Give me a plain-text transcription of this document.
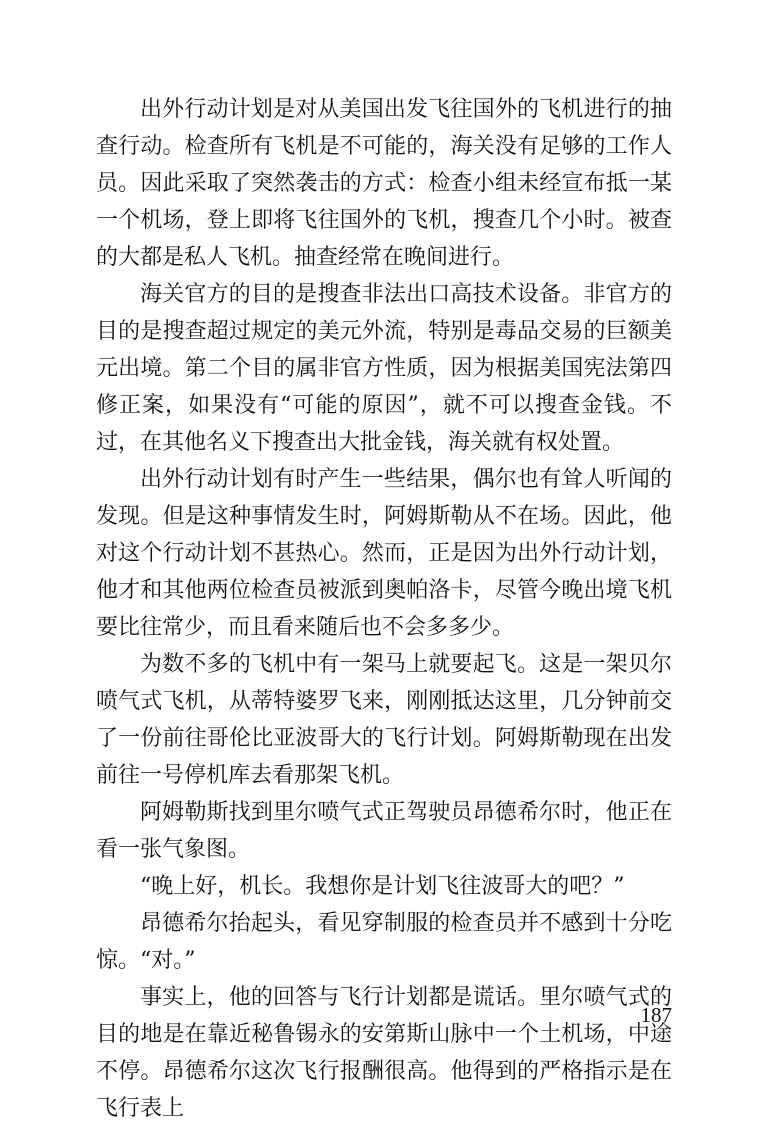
出外行动计划是对从美国出发飞往国外的飞机进行的抽查行动。检查所有飞机是不可能的，海关没有足够的工作人员。因此采取了突然袭击的方式：检查小组未经宣布抵一某一个机场，登上即将飞往国外的飞机，搜查几个小时。被查的大都是私人飞机。抽查经常在晚间进行。

海关官方的目的是搜查非法出口高技术设备。非官方的目的是搜查超过规定的美元外流，特别是毒品交易的巨额美元出境。第二个目的属非官方性质，因为根据美国宪法第四修正案，如果没有“可能的原因”，就不可以搜查金钱。不过，在其他名义下搜查出大批金钱，海关就有权处置。

出外行动计划有时产生一些结果，偶尔也有耸人听闻的发现。但是这种事情发生时，阿姆斯勒从不在场。因此，他对这个行动计划不甚热心。然而，正是因为出外行动计划，他才和其他两位检查员被派到奥帕洛卡，尽管今晚出境飞机要比往常少，而且看来随后也不会多多少。

为数不多的飞机中有一架马上就要起飞。这是一架贝尔喷气式飞机，从蒂特婆罗飞来，刚刚抵达这里，几分钟前交了一份前往哥伦比亚波哥大的飞行计划。阿姆斯勒现在出发前往一号停机库去看那架飞机。

阿姆勒斯找到里尔喷气式正驾驶员昂德希尔时，他正在看一张气象图。

“晚上好，机长。我想你是计划飞往波哥大的吧？”

昂德希尔抬起头，看见穿制服的检查员并不感到十分吃惊。“对。”

事实上，他的回答与飞行计划都是谎话。里尔喷气式的目的地是在靠近秘鲁锡永的安第斯山脉中一个土机场，中途不停。昂德希尔这次飞行报酬很高。他得到的严格指示是在飞行表上

187
